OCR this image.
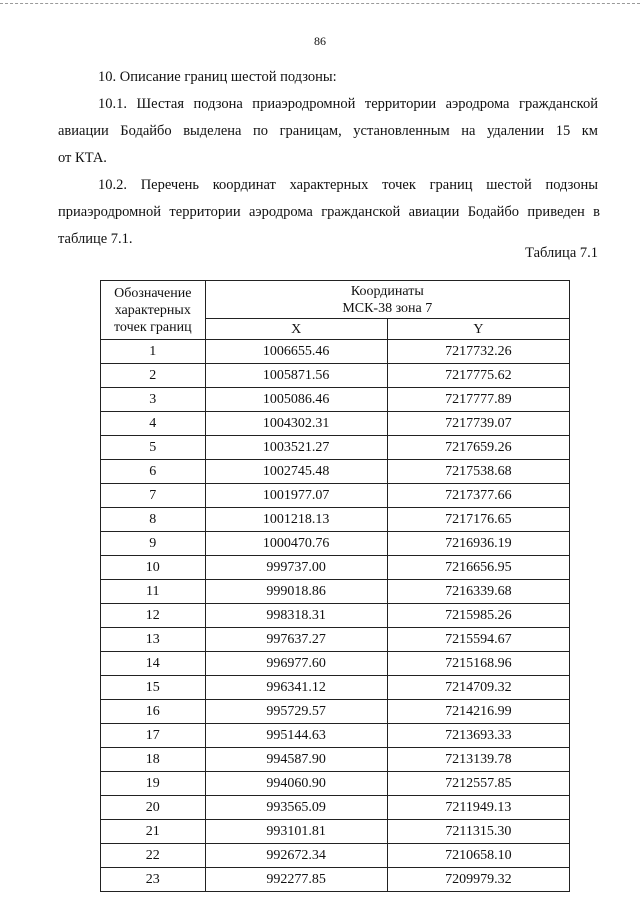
86

10. Описание границ шестой подзоны:

10.1. Шестая подзона приаэродромной территории аэродрома гражданской
авиации Бодайбо выделена по границам, установленным на удалении 15 км
от КТА.

10.2. Перечень координат характерных точек границ шестой подзоны
приаэродромной территории аэродрома гражданской авиации Бодайбо приведен в
таблице 7.1.

Таблица 7.1
Обозначение
характерных
точек границ	Координаты
МСК-38 зона 7	
	X	Y
1	1006655.46	7217732.26
2	1005871.56	7217775.62
3	1005086.46	7217777.89
4	1004302.31	7217739.07
5	1003521.27	7217659.26
6	1002745.48	7217538.68
7	1001977.07	7217377.66
8	1001218.13	7217176.65
9	1000470.76	7216936.19
10	999737.00	7216656.95
11	999018.86	7216339.68
12	998318.31	7215985.26
13	997637.27	7215594.67
14	996977.60	7215168.96
15	996341.12	7214709.32
16	995729.57	7214216.99
17	995144.63	7213693.33
18	994587.90	7213139.78
19	994060.90	7212557.85
20	993565.09	7211949.13
21	993101.81	7211315.30
22	992672.34	7210658.10
23	992277.85	7209979.32
